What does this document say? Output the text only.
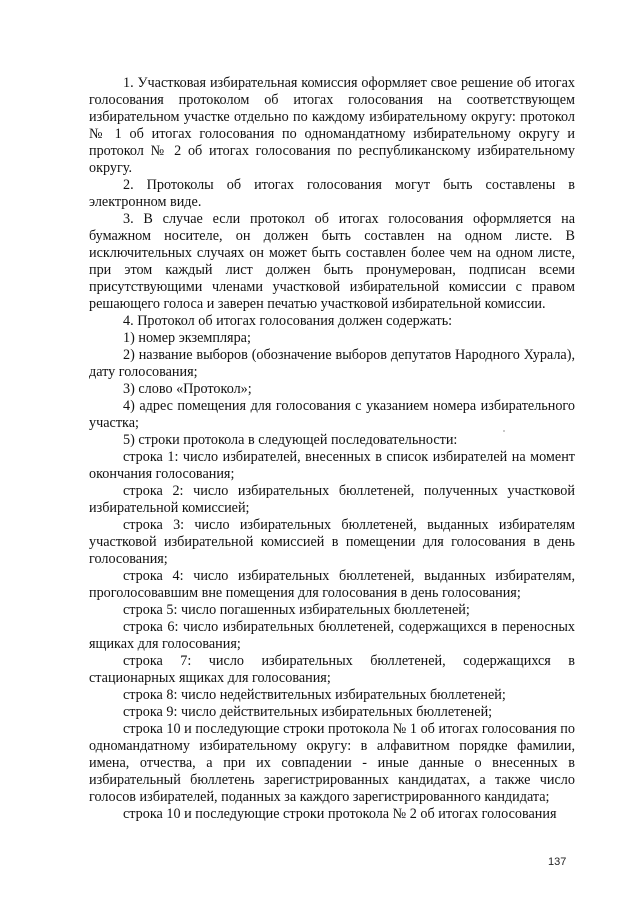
1. Участковая избирательная комиссия оформляет свое решение об итогах голосования протоколом об итогах голосования на соответствующем избирательном участке отдельно по каждому избирательному округу: протокол № 1 об итогах голосования по одномандатному избирательному округу и протокол № 2 об итогах голосования по республиканскому избирательному округу.

2. Протоколы об итогах голосования могут быть составлены в электронном виде.

3. В случае если протокол об итогах голосования оформляется на бумажном носителе, он должен быть составлен на одном листе. В исключительных случаях он может быть составлен более чем на одном листе, при этом каждый лист должен быть пронумерован, подписан всеми присутствующими членами участковой избирательной комиссии с правом решающего голоса и заверен печатью участковой избирательной комиссии.

4. Протокол об итогах голосования должен содержать:

1) номер экземпляра;

2) название выборов (обозначение выборов депутатов Народного Хурала), дату голосования;

3) слово «Протокол»;

4) адрес помещения для голосования с указанием номера избирательного участка;

5) строки протокола в следующей последовательности:

строка 1: число избирателей, внесенных в список избирателей на момент окончания голосования;

строка 2: число избирательных бюллетеней, полученных участковой избирательной комиссией;

строка 3: число избирательных бюллетеней, выданных избирателям участковой избирательной комиссией в помещении для голосования в день голосования;

строка 4: число избирательных бюллетеней, выданных избирателям, проголосовавшим вне помещения для голосования в день голосования;

строка 5: число погашенных избирательных бюллетеней;

строка 6: число избирательных бюллетеней, содержащихся в переносных ящиках для голосования;

строка 7: число избирательных бюллетеней, содержащихся в стационарных ящиках для голосования;

строка 8: число недействительных избирательных бюллетеней;

строка 9: число действительных избирательных бюллетеней;

строка 10 и последующие строки протокола № 1 об итогах голосования по одномандатному избирательному округу: в алфавитном порядке фамилии, имена, отчества, а при их совпадении - иные данные о внесенных в избирательный бюллетень зарегистрированных кандидатах, а также число голосов избирателей, поданных за каждого зарегистрированного кандидата;

строка 10 и последующие строки протокола № 2 об итогах голосования

137
